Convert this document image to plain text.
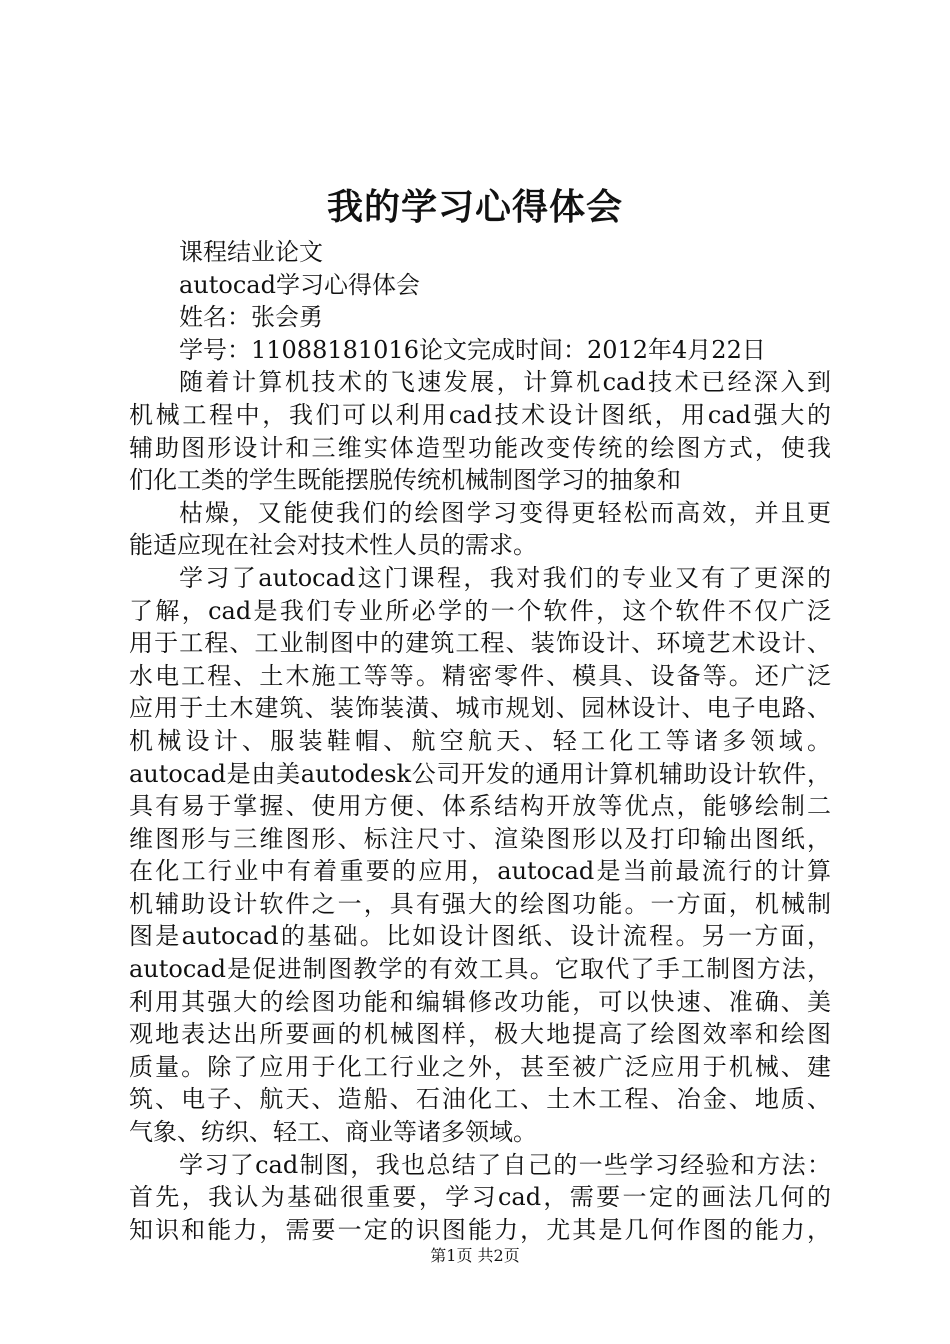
我的学习心得体会
课程结业论文
autocad学习心得体会
姓名：张会勇
学号：11088181016论文完成时间：2012年4月22日
随着计算机技术的飞速发展，计算机cad技术已经深入到
机械工程中，我们可以利用cad技术设计图纸，用cad强大的
辅助图形设计和三维实体造型功能改变传统的绘图方式，使我
们化工类的学生既能摆脱传统机械制图学习的抽象和
枯燥，又能使我们的绘图学习变得更轻松而高效，并且更
能适应现在社会对技术性人员的需求。
学习了autocad这门课程，我对我们的专业又有了更深的
了解，cad是我们专业所必学的一个软件，这个软件不仅广泛
用于工程、工业制图中的建筑工程、装饰设计、环境艺术设计、
水电工程、土木施工等等。精密零件、模具、设备等。还广泛
应用于土木建筑、装饰装潢、城市规划、园林设计、电子电路、
机械设计、服装鞋帽、航空航天、轻工化工等诸多领域。
autocad是由美autodesk公司开发的通用计算机辅助设计软件，
具有易于掌握、使用方便、体系结构开放等优点，能够绘制二
维图形与三维图形、标注尺寸、渲染图形以及打印输出图纸，
在化工行业中有着重要的应用，autocad是当前最流行的计算
机辅助设计软件之一，具有强大的绘图功能。一方面，机械制
图是autocad的基础。比如设计图纸、设计流程。另一方面，
autocad是促进制图教学的有效工具。它取代了手工制图方法，
利用其强大的绘图功能和编辑修改功能，可以快速、准确、美
观地表达出所要画的机械图样，极大地提高了绘图效率和绘图
质量。除了应用于化工行业之外，甚至被广泛应用于机械、建
筑、电子、航天、造船、石油化工、土木工程、冶金、地质、
气象、纺织、轻工、商业等诸多领域。
学习了cad制图，我也总结了自己的一些学习经验和方法：
首先，我认为基础很重要，学习cad，需要一定的画法几何的
知识和能力，需要一定的识图能力，尤其是几何作图的能力，
第1页 共2页
